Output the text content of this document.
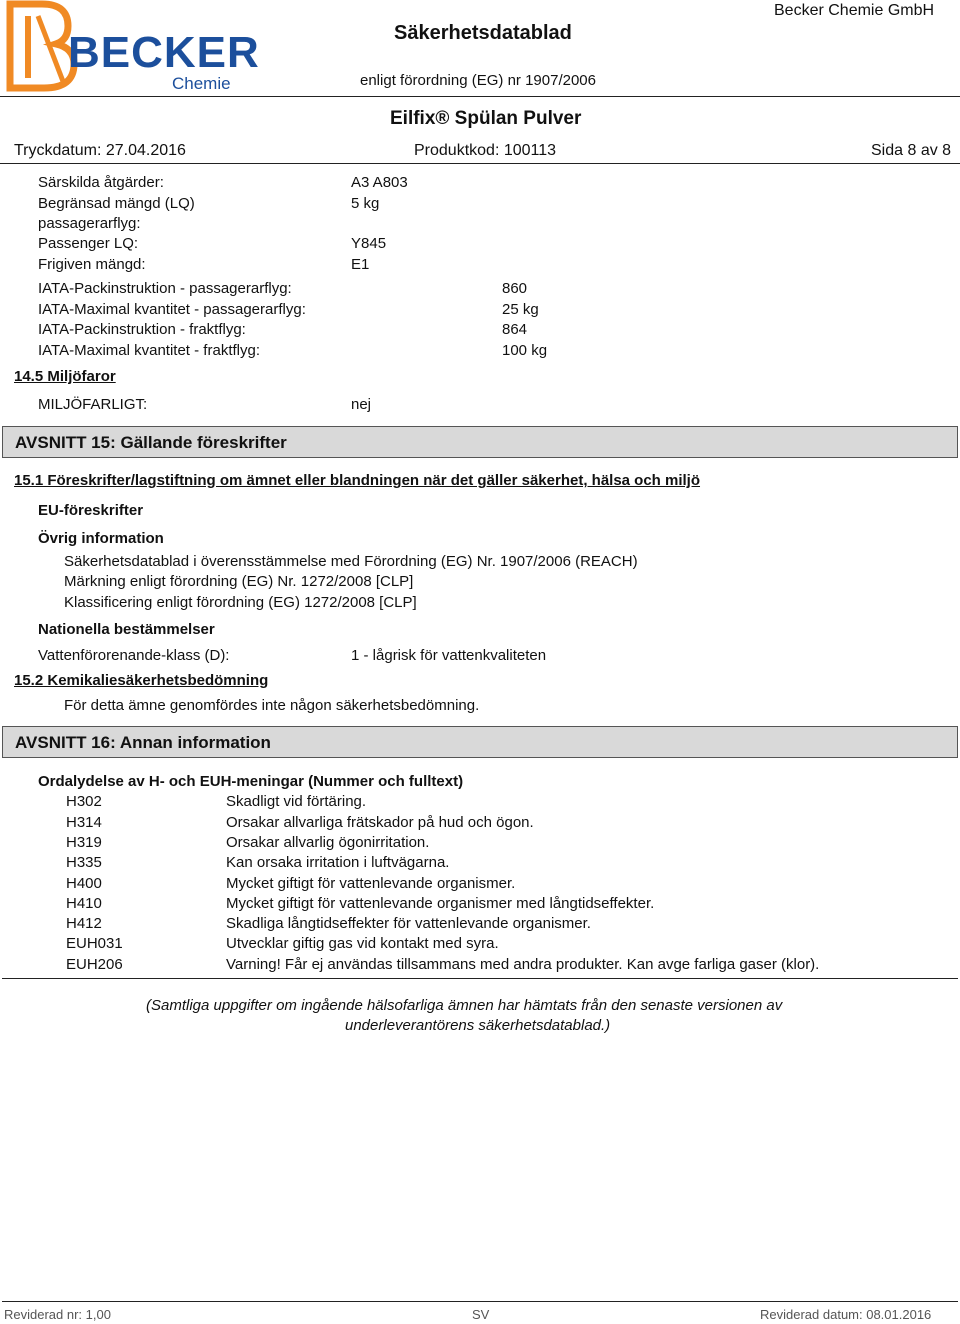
BECKER
Chemie
Säkerhetsdatablad
enligt förordning (EG) nr 1907/2006
Becker Chemie GmbH
Eilfix® Spülan Pulver
Tryckdatum: 27.04.2016	Produktkod: 100113	Sida 8 av 8
Särskilda åtgärder:	A3 A803
Begränsad mängd (LQ)	5 kg
passagerarflyg:
Passenger LQ:	Y845
Frigiven mängd:	E1
IATA-Packinstruktion - passagerarflyg:	860
IATA-Maximal kvantitet - passagerarflyg:	25 kg
IATA-Packinstruktion - fraktflyg:	864
IATA-Maximal kvantitet - fraktflyg:	100 kg
14.5 Miljöfaror
MILJÖFARLIGT:	nej
AVSNITT 15: Gällande föreskrifter
15.1 Föreskrifter/lagstiftning om ämnet eller blandningen när det gäller säkerhet, hälsa och miljö
EU-föreskrifter
Övrig information
Säkerhetsdatablad i överensstämmelse med Förordning (EG) Nr. 1907/2006 (REACH)
Märkning enligt förordning (EG) Nr. 1272/2008 [CLP]
Klassificering enligt förordning (EG) 1272/2008 [CLP]
Nationella bestämmelser
Vattenförorenande-klass (D):	1 - lågrisk för vattenkvaliteten
15.2 Kemikaliesäkerhetsbedömning
För detta ämne genomfördes inte någon säkerhetsbedömning.
AVSNITT 16: Annan information
Ordalydelse av H- och EUH-meningar (Nummer och fulltext)
H302	Skadligt vid förtäring.
H314	Orsakar allvarliga frätskador på hud och ögon.
H319	Orsakar allvarlig ögonirritation.
H335	Kan orsaka irritation i luftvägarna.
H400	Mycket giftigt för vattenlevande organismer.
H410	Mycket giftigt för vattenlevande organismer med långtidseffekter.
H412	Skadliga långtidseffekter för vattenlevande organismer.
EUH031	Utvecklar giftig gas vid kontakt med syra.
EUH206	Varning! Får ej användas tillsammans med andra produkter. Kan avge farliga gaser (klor).
(Samtliga uppgifter om ingående hälsofarliga ämnen har hämtats från den senaste versionen av
underleverantörens säkerhetsdatablad.)
Reviderad nr: 1,00	SV	Reviderad datum: 08.01.2016
